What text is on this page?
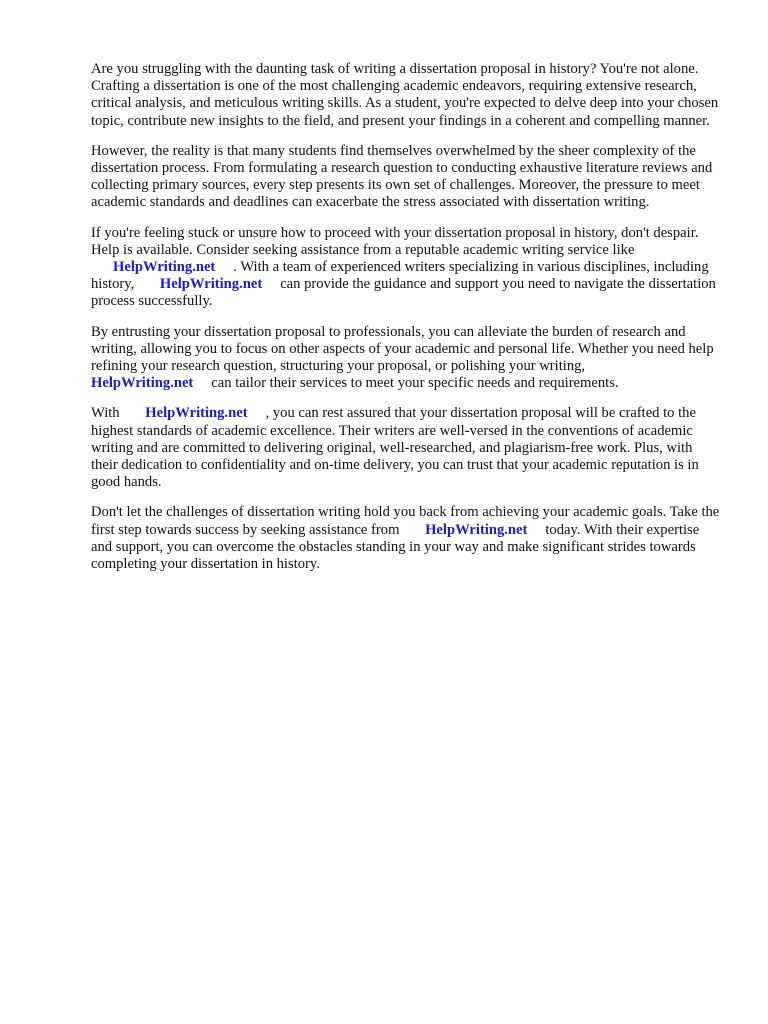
Are you struggling with the daunting task of writing a dissertation proposal in history? You're not alone. Crafting a dissertation is one of the most challenging academic endeavors, requiring extensive research, critical analysis, and meticulous writing skills. As a student, you're expected to delve deep into your chosen topic, contribute new insights to the field, and present your findings in a coherent and compelling manner.

However, the reality is that many students find themselves overwhelmed by the sheer complexity of the dissertation process. From formulating a research question to conducting exhaustive literature reviews and collecting primary sources, every step presents its own set of challenges. Moreover, the pressure to meet academic standards and deadlines can exacerbate the stress associated with dissertation writing.

If you're feeling stuck or unsure how to proceed with your dissertation proposal in history, don't despair. Help is available. Consider seeking assistance from a reputable academic writing service like HelpWriting.net . With a team of experienced writers specializing in various disciplines, including history, HelpWriting.net can provide the guidance and support you need to navigate the dissertation process successfully.

By entrusting your dissertation proposal to professionals, you can alleviate the burden of research and writing, allowing you to focus on other aspects of your academic and personal life. Whether you need help refining your research question, structuring your proposal, or polishing your writing, HelpWriting.net can tailor their services to meet your specific needs and requirements.

With HelpWriting.net , you can rest assured that your dissertation proposal will be crafted to the highest standards of academic excellence. Their writers are well-versed in the conventions of academic writing and are committed to delivering original, well-researched, and plagiarism-free work. Plus, with their dedication to confidentiality and on-time delivery, you can trust that your academic reputation is in good hands.

Don't let the challenges of dissertation writing hold you back from achieving your academic goals. Take the first step towards success by seeking assistance from HelpWriting.net today. With their expertise and support, you can overcome the obstacles standing in your way and make significant strides towards completing your dissertation in history.
